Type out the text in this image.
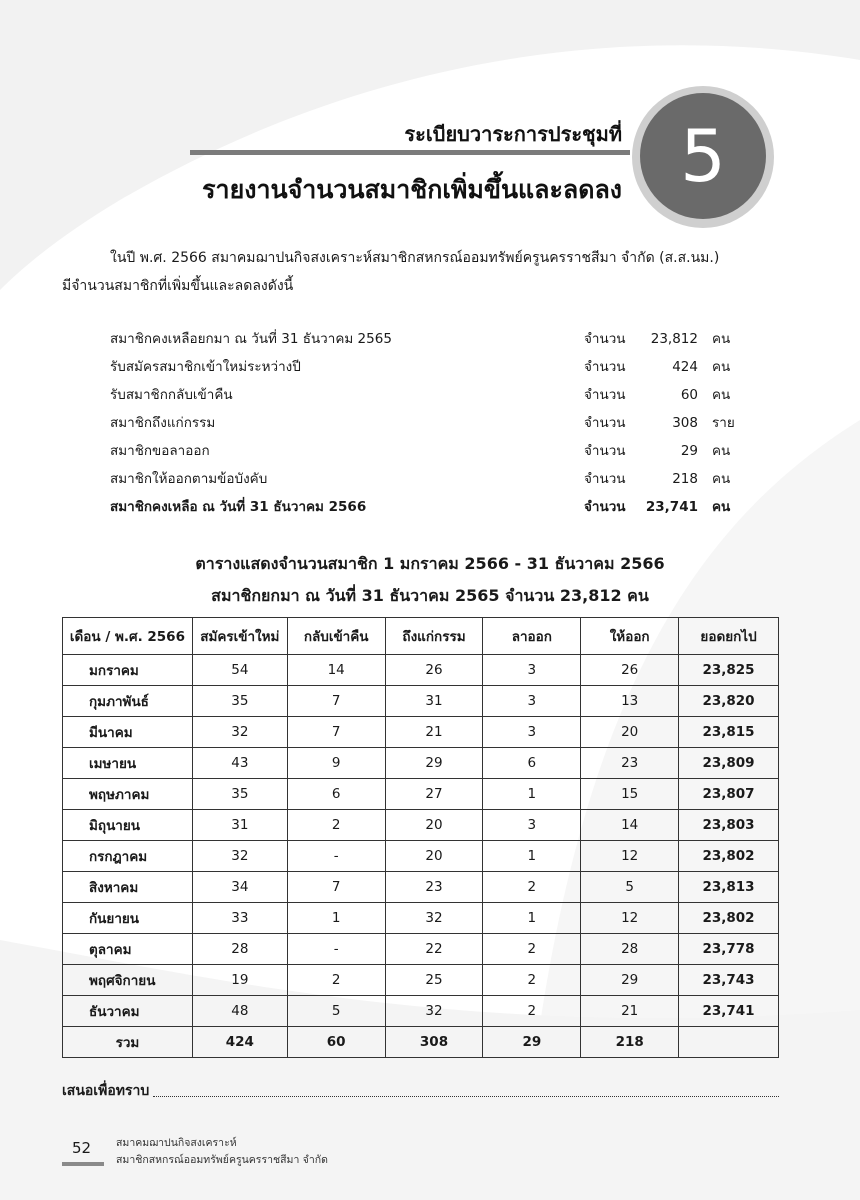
ระเบียบวาระการประชุมที่
รายงานจำนวนสมาชิกเพิ่มขึ้นและลดลง 5
ในปี พ.ศ. 2566 สมาคมฌาปนกิจสงเคราะห์สมาชิกสหกรณ์ออมทรัพย์ครูนครราชสีมา จำกัด (ส.ส.นม.)
มีจำนวนสมาชิกที่เพิ่มขึ้นและลดลงดังนี้
สมาชิกคงเหลือยกมา ณ วันที่ 31 ธันวาคม 2565	จำนวน	23,812 คน
รับสมัครสมาชิกเข้าใหม่ระหว่างปี	จำนวน	424 คน
รับสมาชิกกลับเข้าคืน	จำนวน	60 คน
สมาชิกถึงแก่กรรม	จำนวน	308 ราย
สมาชิกขอลาออก	จำนวน	29 คน
สมาชิกให้ออกตามข้อบังคับ	จำนวน	218 คน
สมาชิกคงเหลือ ณ วันที่ 31 ธันวาคม 2566	จำนวน	23,741 คน
ตารางแสดงจำนวนสมาชิก 1 มกราคม 2566 - 31 ธันวาคม 2566
สมาชิกยกมา ณ วันที่ 31 ธันวาคม 2565 จำนวน 23,812 คน
เดือน / พ.ศ. 2566	สมัครเข้าใหม่	กลับเข้าคืน	ถึงแก่กรรม	ลาออก	ให้ออก	ยอดยกไป
มกราคม	54	14	26	3	26	23,825
กุมภาพันธ์	35	7	31	3	13	23,820
มีนาคม	32	7	21	3	20	23,815
เมษายน	43	9	29	6	23	23,809
พฤษภาคม	35	6	27	1	15	23,807
มิถุนายน	31	2	20	3	14	23,803
กรกฎาคม	32	-	20	1	12	23,802
สิงหาคม	34	7	23	2	5	23,813
กันยายน	33	1	32	1	12	23,802
ตุลาคม	28	-	22	2	28	23,778
พฤศจิกายน	19	2	25	2	29	23,743
ธันวาคม	48	5	32	2	21	23,741
รวม	424	60	308	29	218	
เสนอเพื่อทราบ
52 สมาคมฌาปนกิจสงเคราะห์
สมาชิกสหกรณ์ออมทรัพย์ครูนครราชสีมา จำกัด
